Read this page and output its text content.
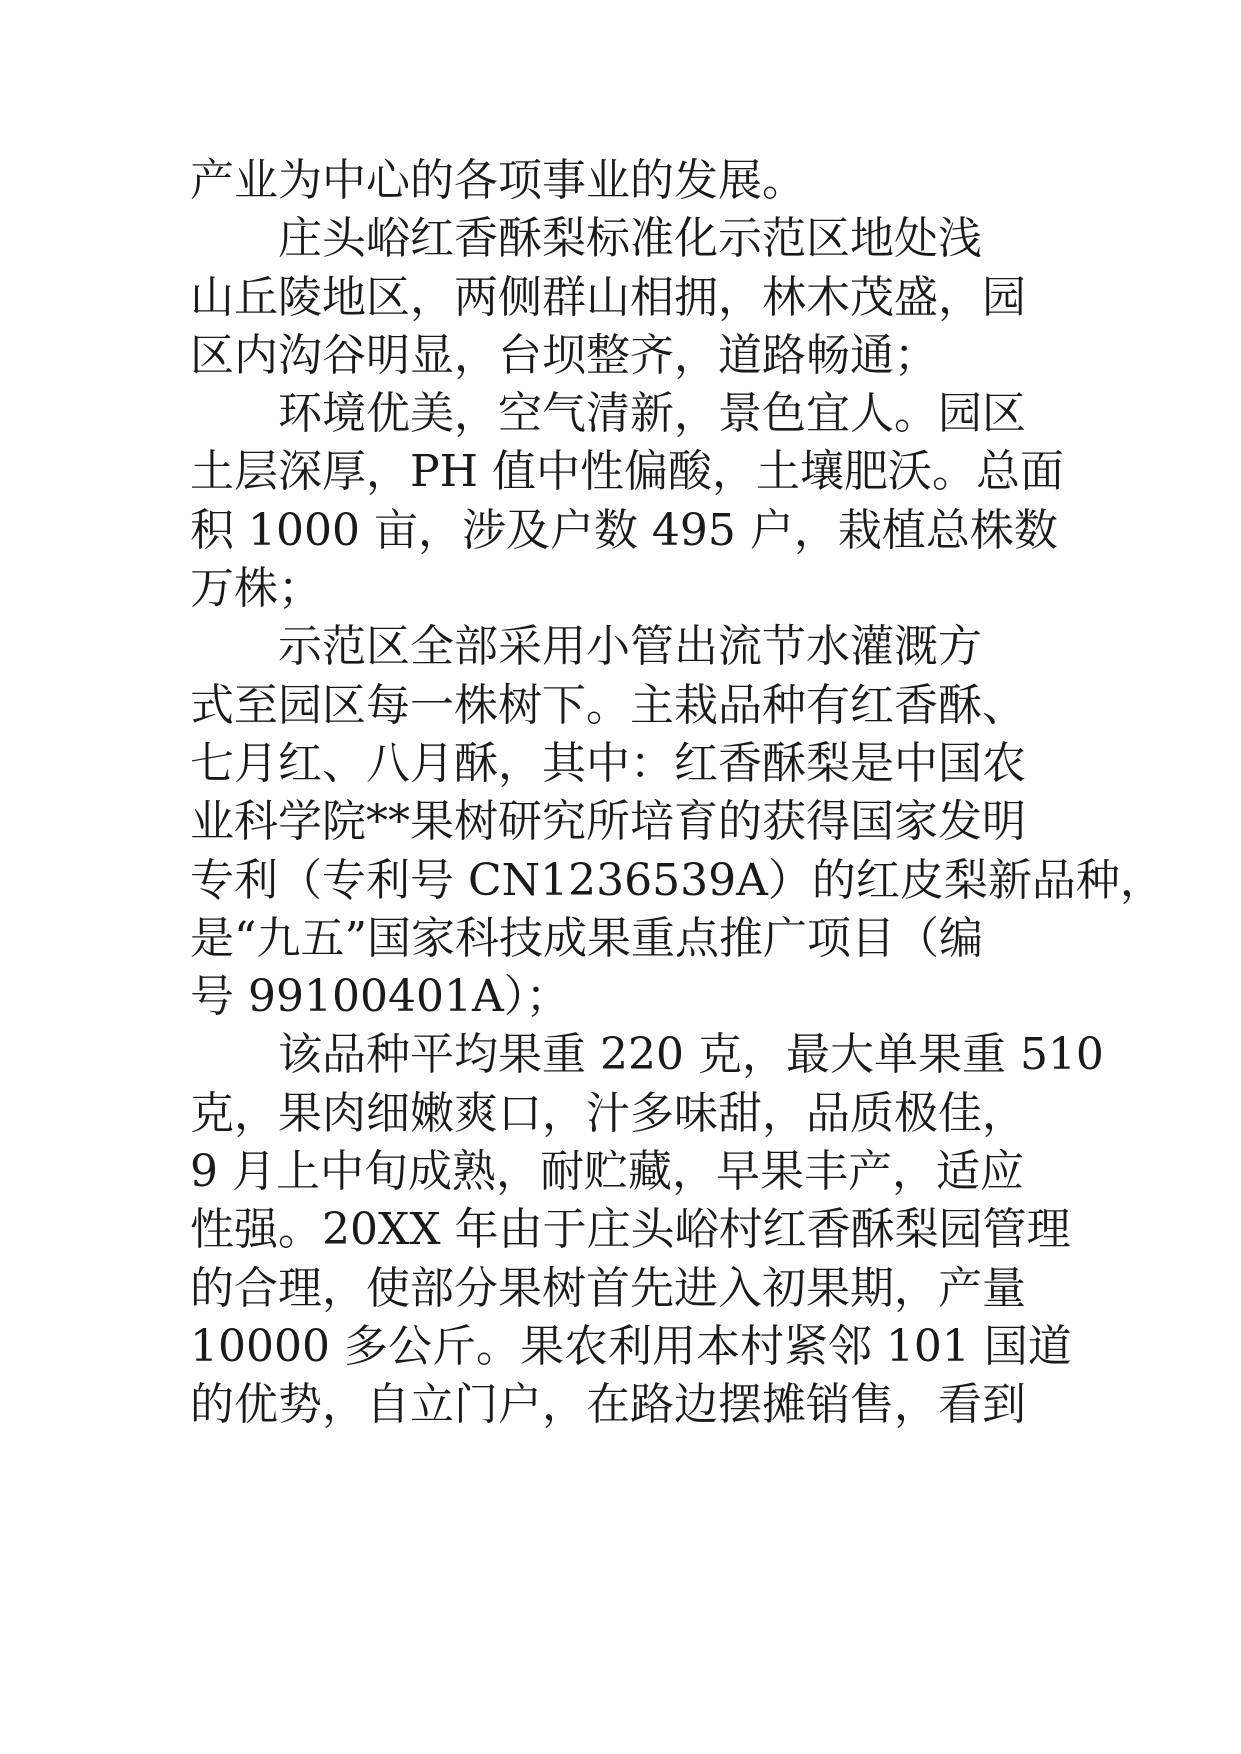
产业为中心的各项事业的发展。
庄头峪红香酥梨标准化示范区地处浅
山丘陵地区，两侧群山相拥，林木茂盛，园
区内沟谷明显，台坝整齐，道路畅通；
环境优美，空气清新，景色宜人。园区
土层深厚，PH 值中性偏酸，土壤肥沃。总面
积 1000 亩，涉及户数 495 户，栽植总株数
万株；
示范区全部采用小管出流节水灌溉方
式至园区每一株树下。主栽品种有红香酥、
七月红、八月酥，其中：红香酥梨是中国农
业科学院**果树研究所培育的获得国家发明
专利（专利号 CN1236539A）的红皮梨新品种，
是“九五”国家科技成果重点推广项目（编
号 99100401A）；
该品种平均果重 220 克，最大单果重 510
克，果肉细嫩爽口，汁多味甜，品质极佳，
9 月上中旬成熟，耐贮藏，早果丰产，适应
性强。20XX 年由于庄头峪村红香酥梨园管理
的合理，使部分果树首先进入初果期，产量
10000 多公斤。果农利用本村紧邻 101 国道
的优势，自立门户，在路边摆摊销售，看到
